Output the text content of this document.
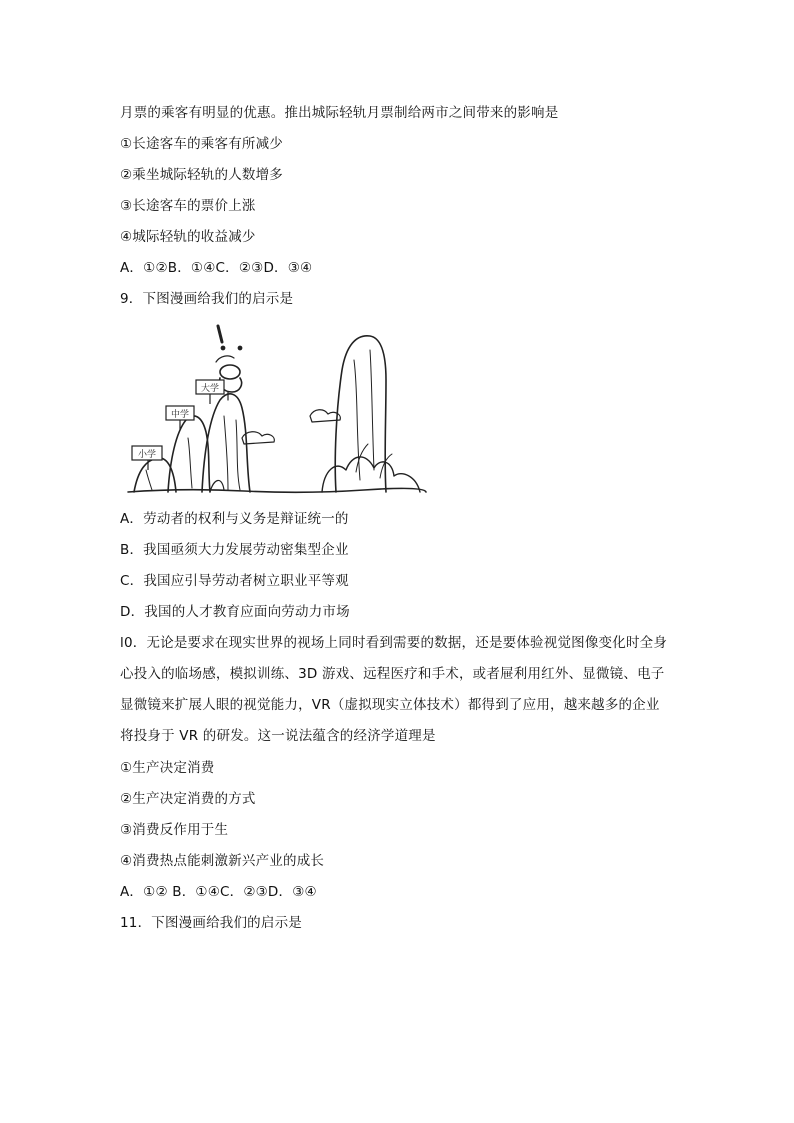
月票的乘客有明显的优惠。推出城际轻轨月票制给两市之间带来的影响是
①长途客车的乘客有所减少
②乘坐城际轻轨的人数增多
③长途客车的票价上涨
④城际轻轨的收益减少
A．①②B．①④C．②③D．③④
9．下图漫画给我们的启示是
小学
中学
大学
A．劳动者的权利与义务是辩证统一的
B．我国亟须大力发展劳动密集型企业
C．我国应引导劳动者树立职业平等观
D．我国的人才教育应面向劳动力市场
l0．无论是要求在现实世界的视场上同时看到需要的数据，还是要体验视觉图像变化时全身
心投入的临场感，模拟训练、3D 游戏、远程医疗和手术，或者屉利用红外、显微镜、电子
显微镜来扩展人眼的视觉能力，VR（虚拟现实立体技术）都得到了应用，越来越多的企业
将投身于 VR 的研发。这一说法蕴含的经济学道理是
①生产决定消费
②生产决定消费的方式
③消费反作用于生
④消费热点能刺激新兴产业的成长
A．①② B．①④C．②③D．③④
11．下图漫画给我们的启示是
